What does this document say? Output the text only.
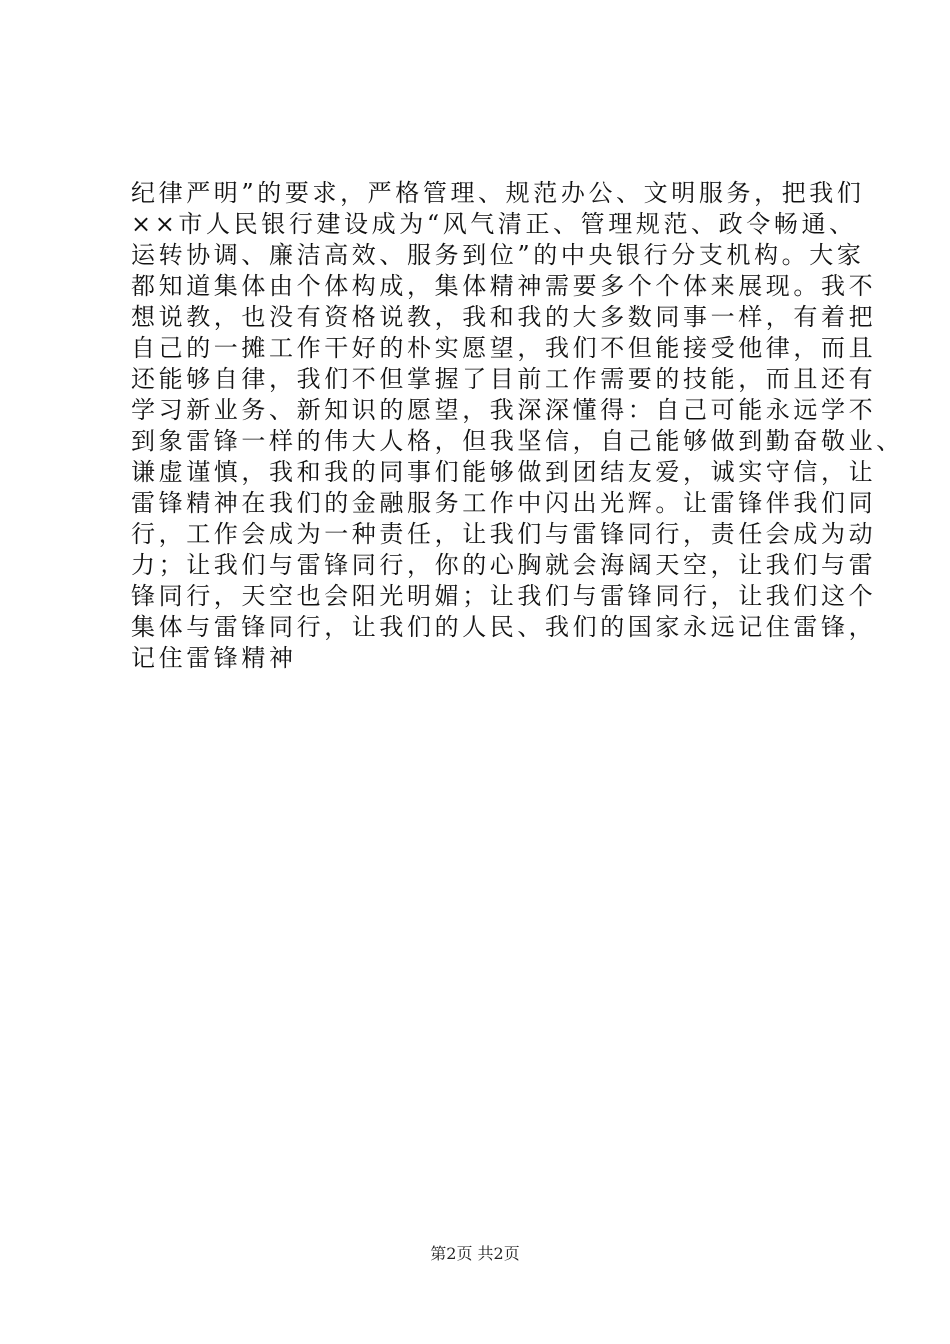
纪律严明”的要求，严格管理、规范办公、文明服务，把我们
××市人民银行建设成为“风气清正、管理规范、政令畅通、
运转协调、廉洁高效、服务到位”的中央银行分支机构。大家
都知道集体由个体构成，集体精神需要多个个体来展现。我不
想说教，也没有资格说教，我和我的大多数同事一样，有着把
自己的一摊工作干好的朴实愿望，我们不但能接受他律，而且
还能够自律，我们不但掌握了目前工作需要的技能，而且还有
学习新业务、新知识的愿望，我深深懂得：自己可能永远学不
到象雷锋一样的伟大人格，但我坚信，自己能够做到勤奋敬业、
谦虚谨慎，我和我的同事们能够做到团结友爱，诚实守信，让
雷锋精神在我们的金融服务工作中闪出光辉。让雷锋伴我们同
行，工作会成为一种责任，让我们与雷锋同行，责任会成为动
力；让我们与雷锋同行，你的心胸就会海阔天空，让我们与雷
锋同行，天空也会阳光明媚；让我们与雷锋同行，让我们这个
集体与雷锋同行，让我们的人民、我们的国家永远记住雷锋，
记住雷锋精神
第2页 共2页
